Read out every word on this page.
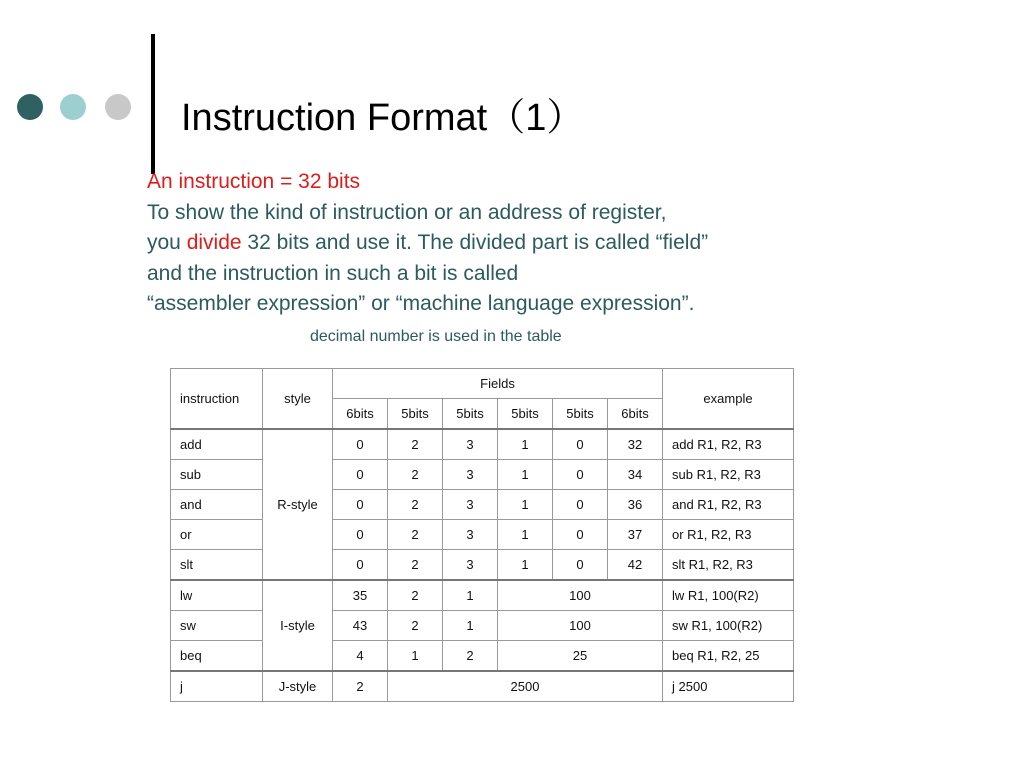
Instruction Format（1）
An instruction = 32 bits
To show the kind of instruction or an address of register,
you divide 32 bits and use it. The divided part is called “field”
and the instruction in such a bit is called
“assembler expression” or “machine language expression”.
decimal number is used in the table
instruction	style	Fields						example
		6bits	5bits	5bits	5bits	5bits	6bits	
add	R-style	0	2	3	1	0	32	add R1, R2, R3
sub		0	2	3	1	0	34	sub R1, R2, R3
and		0	2	3	1	0	36	and R1, R2, R3
or		0	2	3	1	0	37	or R1, R2, R3
slt		0	2	3	1	0	42	slt R1, R2, R3
lw	I-style	35	2	1	100			lw R1, 100(R2)
sw		43	2	1	100			sw R1, 100(R2)
beq		4	1	2	25			beq R1, R2, 25
j	J-style	2	2500					j 2500
